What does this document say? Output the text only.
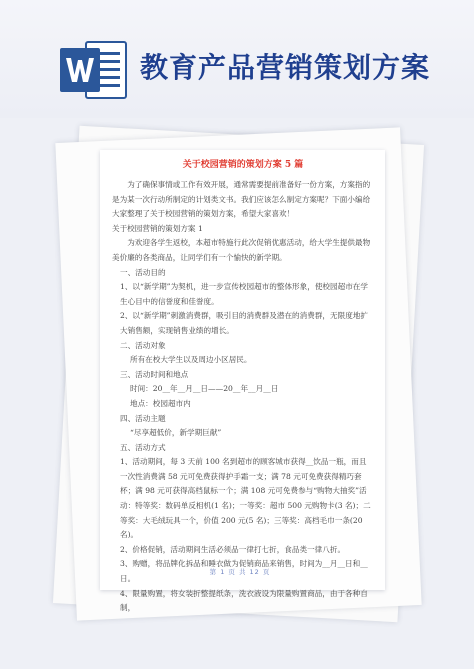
教育产品营销策划方案
关于校园营销的策划方案 5 篇

为了确保事情或工作有效开展，通常需要提前准备好一份方案，方案指的是为某一次行动所制定的计划类文书。我们应该怎么制定方案呢？下面小编给大家整理了关于校园营销的策划方案，希望大家喜欢！

关于校园营销的策划方案 1

为欢迎各学生返校，本超市特施行此次促销优惠活动，给大学生提供最物美价廉的各类商品，让同学们有一个愉快的新学期。

一、活动目的

1、以“新学期”为契机，进一步宣传校园超市的整体形象，使校园超市在学生心目中的信誉度和佳誉度。

2、以“新学期”刺激消费群，吸引目的消费群及潜在的消费群，无限度地扩大销售额，实现销售业绩的增长。

二、活动对象

所有在校大学生以及周边小区居民。

三、活动时间和地点

时间：20__年__月__日——20__年__月__日

地点：校园超市内

四、活动主题

“尽享超低价，新学期巨献”

五、活动方式

1、活动期间，每 3 天前 100 名到超市的顾客城市获得__饮品一瓶，而且一次性消费满 58 元可免费获得护手霜一支；满 78 元可免费获得精巧套杯；满 98 元可获得高档鼠标一个；满 108 元可免费参与“购物大抽奖”活动：特等奖：数码单反相机(1 名)；一等奖：超市 500 元购物卡(3 名)；二等奖：大毛绒玩具一个，价值 200 元(5 名)；三等奖：高档毛巾一条(20 名)。

2、价格促销，活动期间生活必须品一律打七折，食品类一律八折。

3、购赠，将品牌化拆品和睡衣做为促销商品来销售，时间为__月__日和__日。

4、限量购置，将女装折整提纸条，洗衣液设为限量购置商品，由于各种自制，

第 1 页 共 12 页
